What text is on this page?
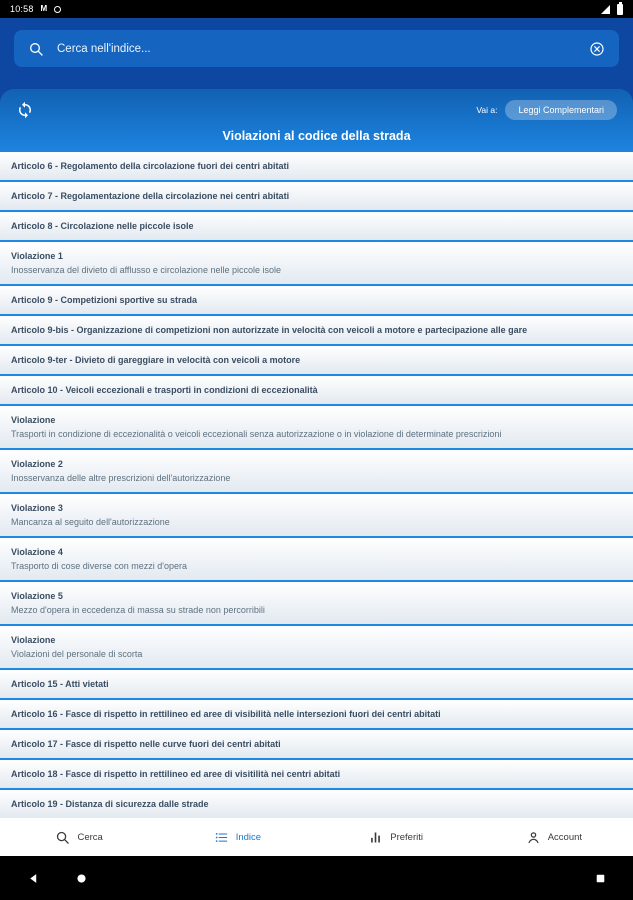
10:58 M
Cerca nell'indice...
Vai a:	Leggi Complementari
Violazioni al codice della strada
Articolo 6 - Regolamento della circolazione fuori dei centri abitati
Articolo 7 - Regolamentazione della circolazione nei centri abitati
Articolo 8 - Circolazione nelle piccole isole
Violazione 1
Inosservanza del divieto di afflusso e circolazione nelle piccole isole
Articolo 9 - Competizioni sportive su strada
Articolo 9-bis - Organizzazione di competizioni non autorizzate in velocità con veicoli a motore e partecipazione alle gare
Articolo 9-ter - Divieto di gareggiare in velocità con veicoli a motore
Articolo 10 - Veicoli eccezionali e trasporti in condizioni di eccezionalità
Violazione
Trasporti in condizione di eccezionalità o veicoli eccezionali senza autorizzazione o in violazione di determinate prescrizioni
Violazione 2
Inosservanza delle altre prescrizioni dell'autorizzazione
Violazione 3
Mancanza al seguito dell'autorizzazione
Violazione 4
Trasporto di cose diverse con mezzi d'opera
Violazione 5
Mezzo d'opera in eccedenza di massa su strade non percorribili
Violazione
Violazioni del personale di scorta
Articolo 15 - Atti vietati
Articolo 16 - Fasce di rispetto in rettilineo ed aree di visibilità nelle intersezioni fuori dei centri abitati
Articolo 17 - Fasce di rispetto nelle curve fuori dei centri abitati
Articolo 18 - Fasce di rispetto in rettilineo ed aree di visitilità nei centri abitati
Articolo 19 - Distanza di sicurezza dalle strade
Cerca	Indice	Preferiti	Account
